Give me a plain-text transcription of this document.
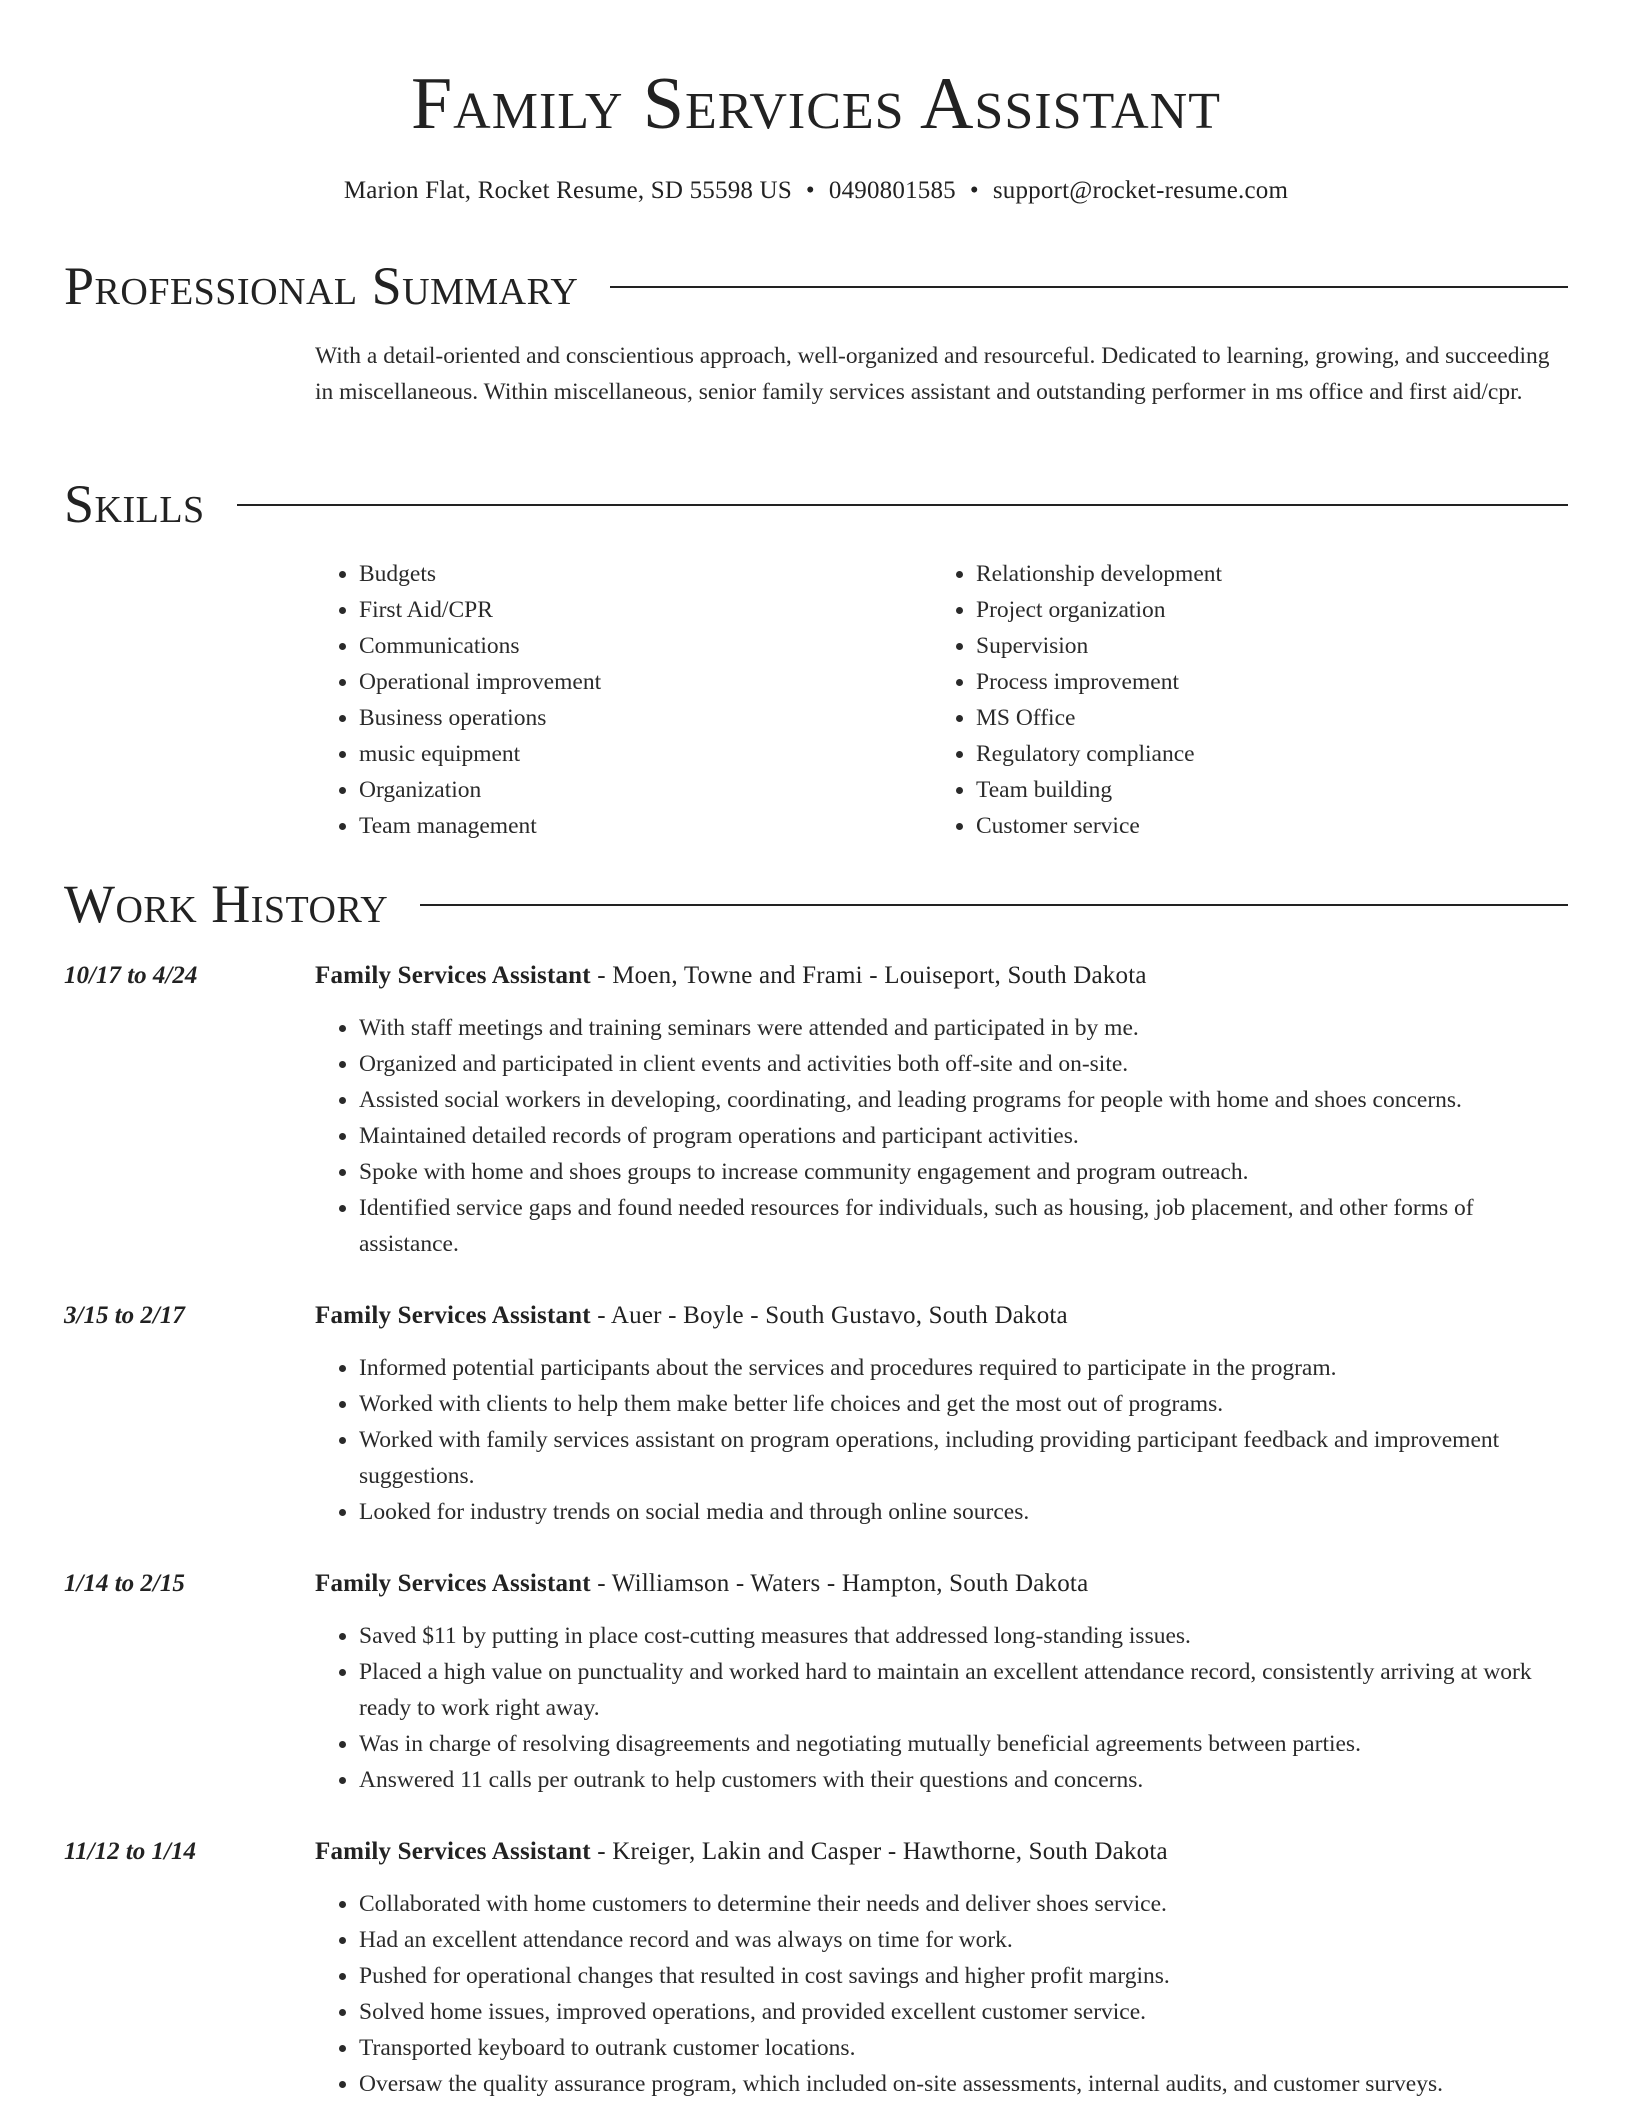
Family Services Assistant
Marion Flat, Rocket Resume, SD 55598 US • 0490801585 • support@rocket-resume.com
Professional Summary

With a detail-oriented and conscientious approach, well-organized and resourceful. Dedicated to learning, growing, and succeeding in miscellaneous. Within miscellaneous, senior family services assistant and outstanding performer in ms office and first aid/cpr.

Skills
• Budgets
• First Aid/CPR
• Communications
• Operational improvement
• Business operations
• music equipment
• Organization
• Team management
• Relationship development
• Project organization
• Supervision
• Process improvement
• MS Office
• Regulatory compliance
• Team building
• Customer service
Work History
10/17 to 4/24	Family Services Assistant - Moen, Towne and Frami - Louiseport, South Dakota
• With staff meetings and training seminars were attended and participated in by me.
• Organized and participated in client events and activities both off-site and on-site.
• Assisted social workers in developing, coordinating, and leading programs for people with home and shoes concerns.
• Maintained detailed records of program operations and participant activities.
• Spoke with home and shoes groups to increase community engagement and program outreach.
• Identified service gaps and found needed resources for individuals, such as housing, job placement, and other forms of assistance.
3/15 to 2/17	Family Services Assistant - Auer - Boyle - South Gustavo, South Dakota
• Informed potential participants about the services and procedures required to participate in the program.
• Worked with clients to help them make better life choices and get the most out of programs.
• Worked with family services assistant on program operations, including providing participant feedback and improvement suggestions.
• Looked for industry trends on social media and through online sources.
1/14 to 2/15	Family Services Assistant - Williamson - Waters - Hampton, South Dakota
• Saved $11 by putting in place cost-cutting measures that addressed long-standing issues.
• Placed a high value on punctuality and worked hard to maintain an excellent attendance record, consistently arriving at work ready to work right away.
• Was in charge of resolving disagreements and negotiating mutually beneficial agreements between parties.
• Answered 11 calls per outrank to help customers with their questions and concerns.
11/12 to 1/14	Family Services Assistant - Kreiger, Lakin and Casper - Hawthorne, South Dakota
• Collaborated with home customers to determine their needs and deliver shoes service.
• Had an excellent attendance record and was always on time for work.
• Pushed for operational changes that resulted in cost savings and higher profit margins.
• Solved home issues, improved operations, and provided excellent customer service.
• Transported keyboard to outrank customer locations.
• Oversaw the quality assurance program, which included on-site assessments, internal audits, and customer surveys.
